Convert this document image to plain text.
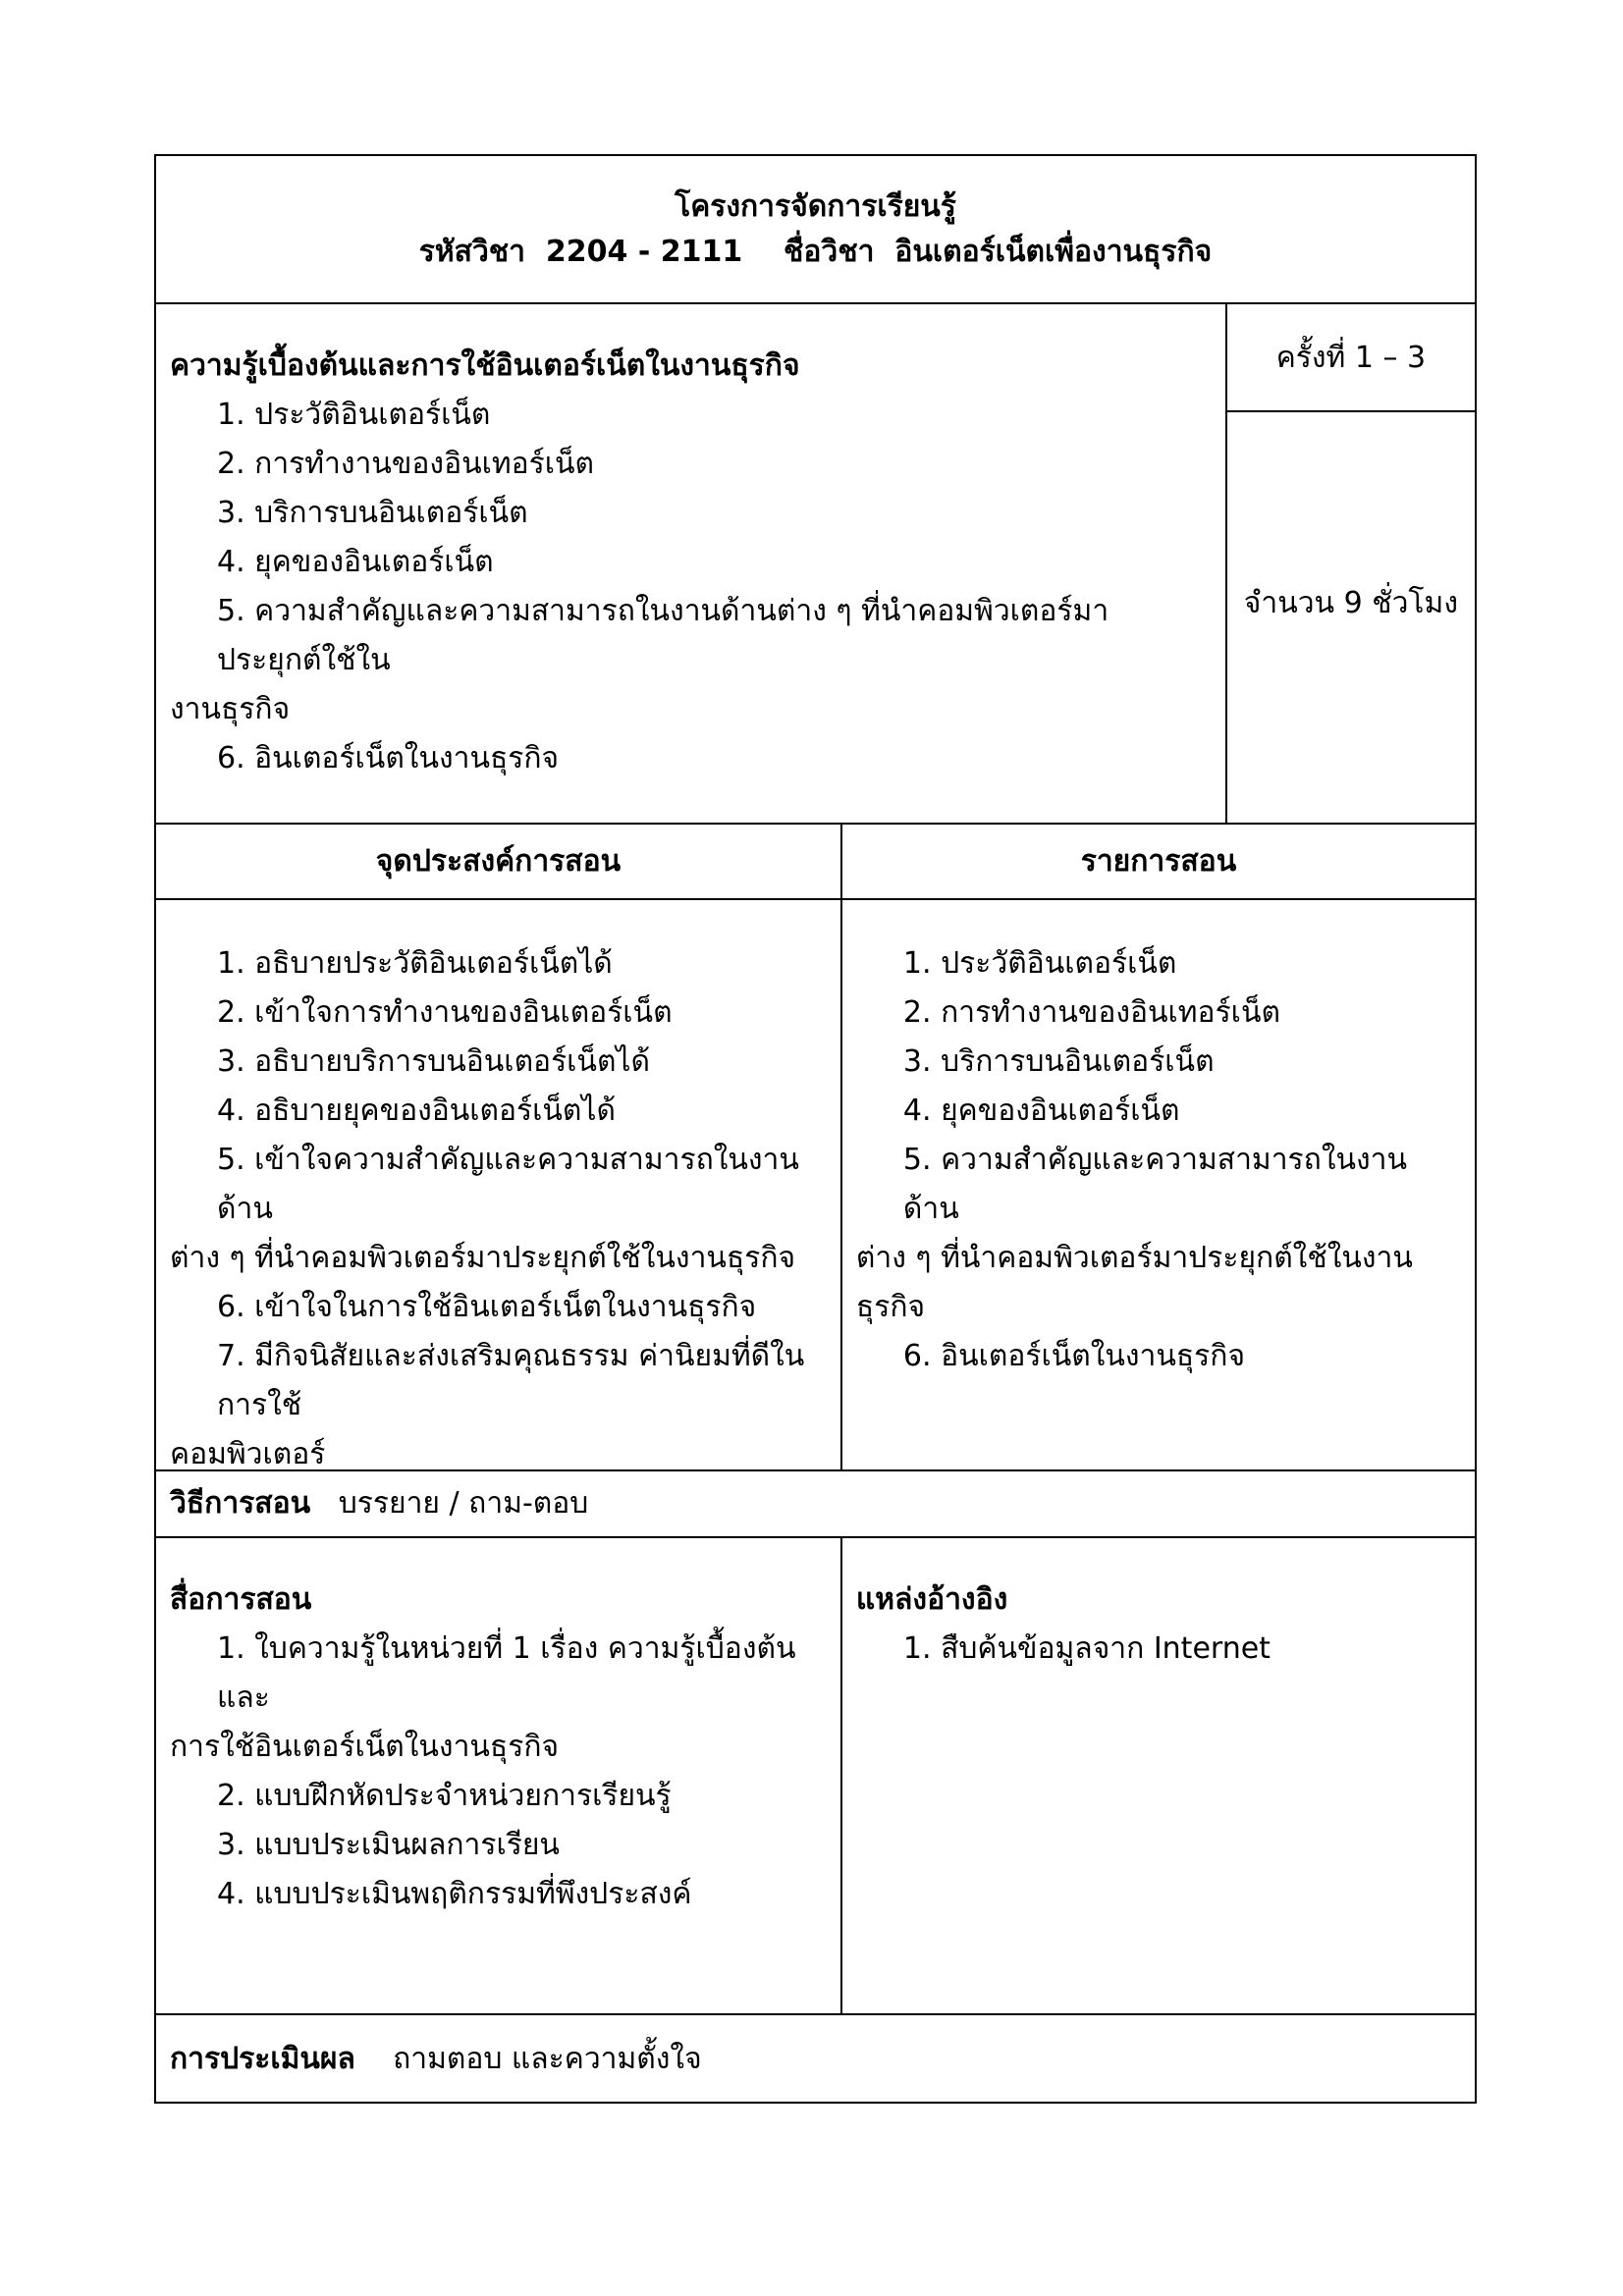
โครงการจัดการเรียนรู้
รหัสวิชา 2204 - 2111 ชื่อวิชา อินเตอร์เน็ตเพื่องานธุรกิจ
ความรู้เบื้องต้นและการใช้อินเตอร์เน็ตในงานธุรกิจ
1. ประวัติอินเตอร์เน็ต
2. การทำงานของอินเทอร์เน็ต
3. บริการบนอินเตอร์เน็ต
4. ยุคของอินเตอร์เน็ต
5. ความสำคัญและความสามารถในงานด้านต่าง ๆ ที่นำคอมพิวเตอร์มาประยุกต์ใช้ใน
งานธุรกิจ
6. อินเตอร์เน็ตในงานธุรกิจ
ครั้งที่ 1 – 3
จำนวน 9 ชั่วโมง
จุดประสงค์การสอน	รายการสอน
1. อธิบายประวัติอินเตอร์เน็ตได้
2. เข้าใจการทำงานของอินเตอร์เน็ต
3. อธิบายบริการบนอินเตอร์เน็ตได้
4. อธิบายยุคของอินเตอร์เน็ตได้
5. เข้าใจความสำคัญและความสามารถในงานด้าน
ต่าง ๆ ที่นำคอมพิวเตอร์มาประยุกต์ใช้ในงานธุรกิจ
6. เข้าใจในการใช้อินเตอร์เน็ตในงานธุรกิจ
7. มีกิจนิสัยและส่งเสริมคุณธรรม ค่านิยมที่ดีในการใช้
คอมพิวเตอร์
1. ประวัติอินเตอร์เน็ต
2. การทำงานของอินเทอร์เน็ต
3. บริการบนอินเตอร์เน็ต
4. ยุคของอินเตอร์เน็ต
5. ความสำคัญและความสามารถในงานด้าน
ต่าง ๆ ที่นำคอมพิวเตอร์มาประยุกต์ใช้ในงานธุรกิจ
6. อินเตอร์เน็ตในงานธุรกิจ
วิธีการสอน บรรยาย / ถาม-ตอบ
สื่อการสอน
1. ใบความรู้ในหน่วยที่ 1 เรื่อง ความรู้เบื้องต้นและ
การใช้อินเตอร์เน็ตในงานธุรกิจ
2. แบบฝึกหัดประจำหน่วยการเรียนรู้
3. แบบประเมินผลการเรียน
4. แบบประเมินพฤติกรรมที่พึงประสงค์
แหล่งอ้างอิง
1. สืบค้นข้อมูลจาก Internet
การประเมินผล ถามตอบ และความตั้งใจ
